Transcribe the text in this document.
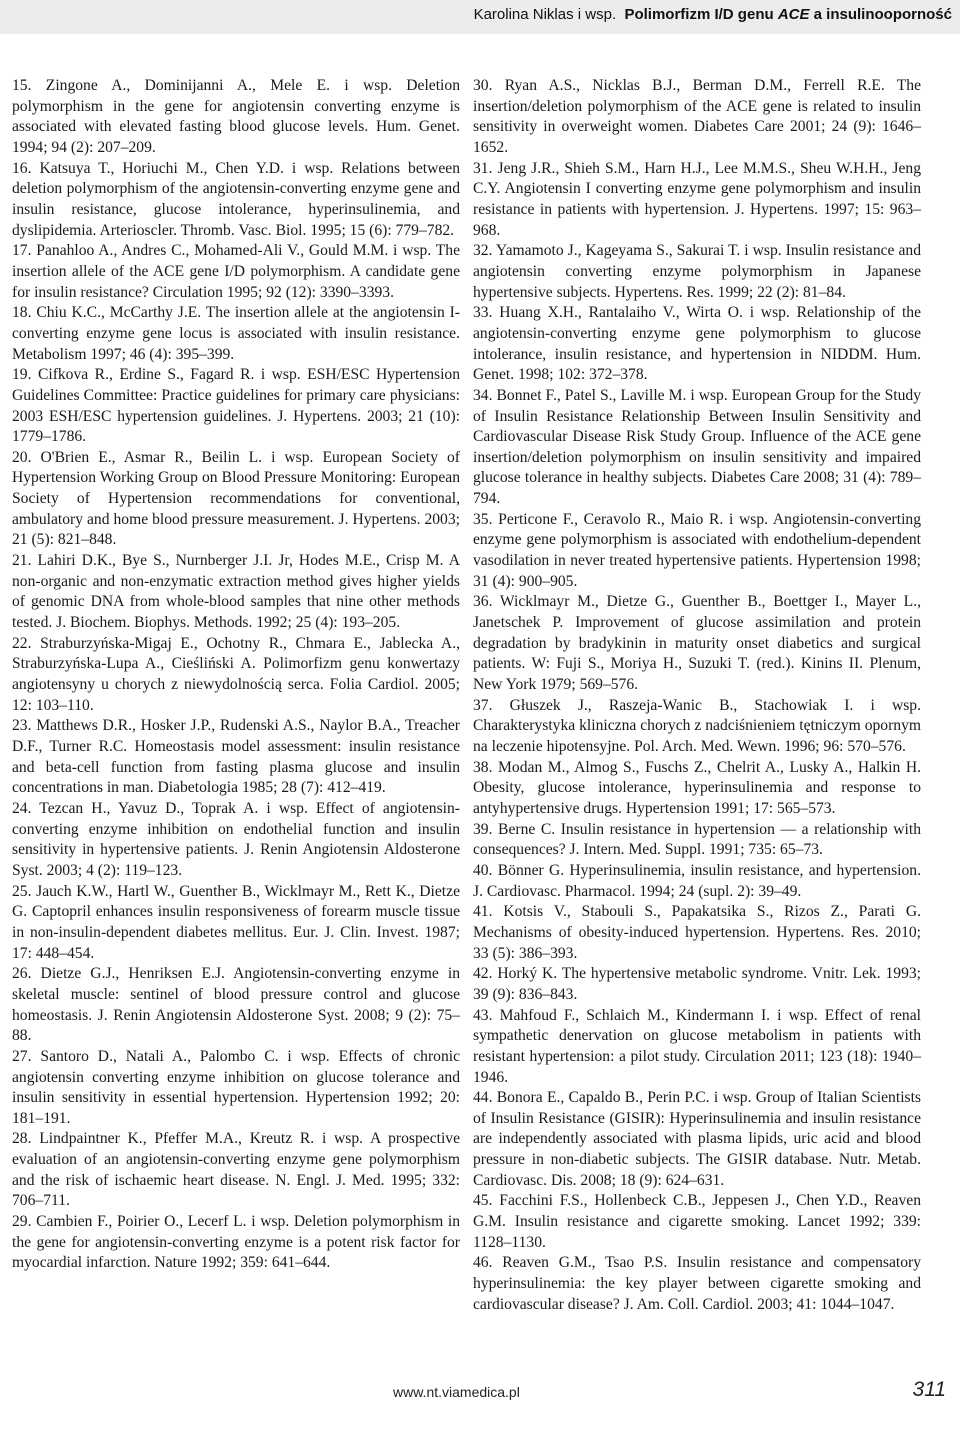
Karolina Niklas i wsp. Polimorfizm I/D genu ACE a insulinooporność

15. Zingone A., Dominijanni A., Mele E. i wsp. Deletion polymorphism in the gene for angiotensin converting enzyme is associated with elevated fasting blood glucose levels. Hum. Genet. 1994; 94 (2): 207–209.

16. Katsuya T., Horiuchi M., Chen Y.D. i wsp. Relations between deletion polymorphism of the angiotensin-converting enzyme gene and insulin resistance, glucose intolerance, hyperinsulinemia, and dyslipidemia. Arterioscler. Thromb. Vasc. Biol. 1995; 15 (6): 779–782.

17. Panahloo A., Andres C., Mohamed-Ali V., Gould M.M. i wsp. The insertion allele of the ACE gene I/D polymorphism. A candidate gene for insulin resistance? Circulation 1995; 92 (12): 3390–3393.

18. Chiu K.C., McCarthy J.E. The insertion allele at the angiotensin I-converting enzyme gene locus is associated with insulin resistance. Metabolism 1997; 46 (4): 395–399.

19. Cifkova R., Erdine S., Fagard R. i wsp. ESH/ESC Hypertension Guidelines Committee: Practice guidelines for primary care physicians: 2003 ESH/ESC hypertension guidelines. J. Hypertens. 2003; 21 (10): 1779–1786.

20. O'Brien E., Asmar R., Beilin L. i wsp. European Society of Hypertension Working Group on Blood Pressure Monitoring: European Society of Hypertension recommendations for conventional, ambulatory and home blood pressure measurement. J. Hypertens. 2003; 21 (5): 821–848.

21. Lahiri D.K., Bye S., Nurnberger J.I. Jr, Hodes M.E., Crisp M. A non-organic and non-enzymatic extraction method gives higher yields of genomic DNA from whole-blood samples that nine other methods tested. J. Biochem. Biophys. Methods. 1992; 25 (4): 193–205.

22. Straburzyńska-Migaj E., Ochotny R., Chmara E., Jablecka A., Straburzyńska-Lupa A., Cieśliński A. Polimorfizm genu konwertazy angiotensyny u chorych z niewydolnością serca. Folia Cardiol. 2005; 12: 103–110.

23. Matthews D.R., Hosker J.P., Rudenski A.S., Naylor B.A., Treacher D.F., Turner R.C. Homeostasis model assessment: insulin resistance and beta-cell function from fasting plasma glucose and insulin concentrations in man. Diabetologia 1985; 28 (7): 412–419.

24. Tezcan H., Yavuz D., Toprak A. i wsp. Effect of angiotensin-converting enzyme inhibition on endothelial function and insulin sensitivity in hypertensive patients. J. Renin Angiotensin Aldosterone Syst. 2003; 4 (2): 119–123.

25. Jauch K.W., Hartl W., Guenther B., Wicklmayr M., Rett K., Dietze G. Captopril enhances insulin responsiveness of forearm muscle tissue in non-insulin-dependent diabetes mellitus. Eur. J. Clin. Invest. 1987; 17: 448–454.

26. Dietze G.J., Henriksen E.J. Angiotensin-converting enzyme in skeletal muscle: sentinel of blood pressure control and glucose homeostasis. J. Renin Angiotensin Aldosterone Syst. 2008; 9 (2): 75–88.

27. Santoro D., Natali A., Palombo C. i wsp. Effects of chronic angiotensin converting enzyme inhibition on glucose tolerance and insulin sensitivity in essential hypertension. Hypertension 1992; 20: 181–191.

28. Lindpaintner K., Pfeffer M.A., Kreutz R. i wsp. A prospective evaluation of an angiotensin-converting enzyme gene polymorphism and the risk of ischaemic heart disease. N. Engl. J. Med. 1995; 332: 706–711.

29. Cambien F., Poirier O., Lecerf L. i wsp. Deletion polymorphism in the gene for angiotensin-converting enzyme is a potent risk factor for myocardial infarction. Nature 1992; 359: 641–644.

30. Ryan A.S., Nicklas B.J., Berman D.M., Ferrell R.E. The insertion/deletion polymorphism of the ACE gene is related to insulin sensitivity in overweight women. Diabetes Care 2001; 24 (9): 1646–1652.

31. Jeng J.R., Shieh S.M., Harn H.J., Lee M.M.S., Sheu W.H.H., Jeng C.Y. Angiotensin I converting enzyme gene polymorphism and insulin resistance in patients with hypertension. J. Hypertens. 1997; 15: 963–968.

32. Yamamoto J., Kageyama S., Sakurai T. i wsp. Insulin resistance and angiotensin converting enzyme polymorphism in Japanese hypertensive subjects. Hypertens. Res. 1999; 22 (2): 81–84.

33. Huang X.H., Rantalaiho V., Wirta O. i wsp. Relationship of the angiotensin-converting enzyme gene polymorphism to glucose intolerance, insulin resistance, and hypertension in NIDDM. Hum. Genet. 1998; 102: 372–378.

34. Bonnet F., Patel S., Laville M. i wsp. European Group for the Study of Insulin Resistance Relationship Between Insulin Sensitivity and Cardiovascular Disease Risk Study Group. Influence of the ACE gene insertion/deletion polymorphism on insulin sensitivity and impaired glucose tolerance in healthy subjects. Diabetes Care 2008; 31 (4): 789–794.

35. Perticone F., Ceravolo R., Maio R. i wsp. Angiotensin-converting enzyme gene polymorphism is associated with endothelium-dependent vasodilation in never treated hypertensive patients. Hypertension 1998; 31 (4): 900–905.

36. Wicklmayr M., Dietze G., Guenther B., Boettger I., Mayer L., Janetschek P. Improvement of glucose assimilation and protein degradation by bradykinin in maturity onset diabetics and surgical patients. W: Fuji S., Moriya H., Suzuki T. (red.). Kinins II. Plenum, New York 1979; 569–576.

37. Głuszek J., Raszeja-Wanic B., Stachowiak I. i wsp. Charakterystyka kliniczna chorych z nadciśnieniem tętniczym opornym na leczenie hipotensyjne. Pol. Arch. Med. Wewn. 1996; 96: 570–576.

38. Modan M., Almog S., Fuschs Z., Chelrit A., Lusky A., Halkin H. Obesity, glucose intolerance, hyperinsulinemia and response to antyhypertensive drugs. Hypertension 1991; 17: 565–573.

39. Berne C. Insulin resistance in hypertension — a relationship with consequences? J. Intern. Med. Suppl. 1991; 735: 65–73.

40. Bönner G. Hyperinsulinemia, insulin resistance, and hypertension. J. Cardiovasc. Pharmacol. 1994; 24 (supl. 2): 39–49.

41. Kotsis V., Stabouli S., Papakatsika S., Rizos Z., Parati G. Mechanisms of obesity-induced hypertension. Hypertens. Res. 2010; 33 (5): 386–393.

42. Horký K. The hypertensive metabolic syndrome. Vnitr. Lek. 1993; 39 (9): 836–843.

43. Mahfoud F., Schlaich M., Kindermann I. i wsp. Effect of renal sympathetic denervation on glucose metabolism in patients with resistant hypertension: a pilot study. Circulation 2011; 123 (18): 1940–1946.

44. Bonora E., Capaldo B., Perin P.C. i wsp. Group of Italian Scientists of Insulin Resistance (GISIR): Hyperinsulinemia and insulin resistance are independently associated with plasma lipids, uric acid and blood pressure in non-diabetic subjects. The GISIR database. Nutr. Metab. Cardiovasc. Dis. 2008; 18 (9): 624–631.

45. Facchini F.S., Hollenbeck C.B., Jeppesen J., Chen Y.D., Reaven G.M. Insulin resistance and cigarette smoking. Lancet 1992; 339: 1128–1130.

46. Reaven G.M., Tsao P.S. Insulin resistance and compensatory hyperinsulinemia: the key player between cigarette smoking and cardiovascular disease? J. Am. Coll. Cardiol. 2003; 41: 1044–1047.

www.nt.viamedica.pl	311
